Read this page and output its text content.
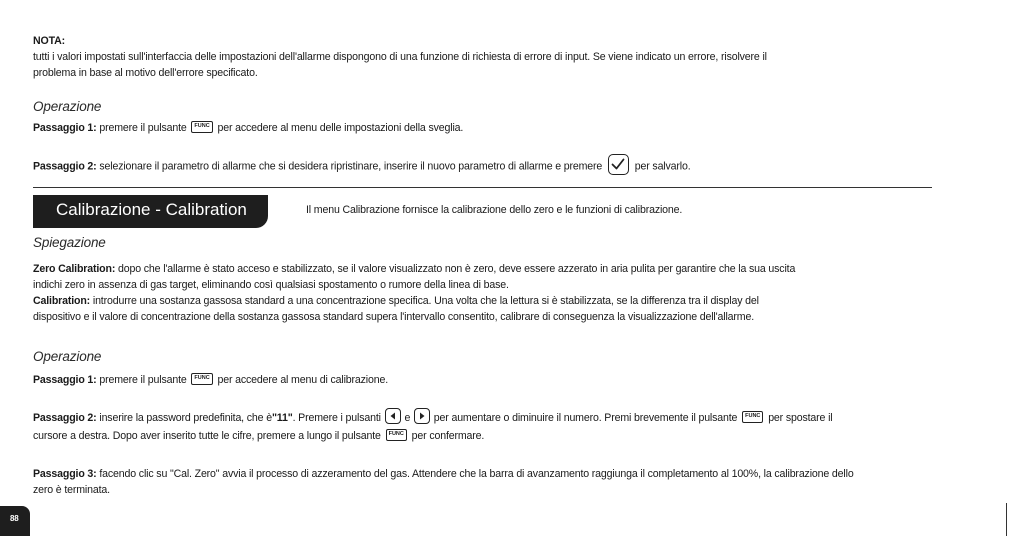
NOTA:
tutti i valori impostati sull'interfaccia delle impostazioni dell'allarme dispongono di una funzione di richiesta di errore di input. Se viene indicato un errore, risolvere il
problema in base al motivo dell'errore specificato.
Operazione
Passaggio 1: premere il pulsante FUNC per accedere al menu delle impostazioni della sveglia.
Passaggio 2: selezionare il parametro di allarme che si desidera ripristinare, inserire il nuovo parametro di allarme e premere	per salvarlo.
Calibrazione - Calibration	Il menu Calibrazione fornisce la calibrazione dello zero e le funzioni di calibrazione.
Spiegazione
Zero Calibration: dopo che l'allarme è stato acceso e stabilizzato, se il valore visualizzato non è zero, deve essere azzerato in aria pulita per garantire che la sua uscita
indichi zero in assenza di gas target, eliminando così qualsiasi spostamento o rumore della linea di base.
Calibration: introdurre una sostanza gassosa standard a una concentrazione specifica. Una volta che la lettura si è stabilizzata, se la differenza tra il display del
dispositivo e il valore di concentrazione della sostanza gassosa standard supera l'intervallo consentito, calibrare di conseguenza la visualizzazione dell'allarme.
Operazione
Passaggio 1: premere il pulsante FUNC per accedere al menu di calibrazione.
Passaggio 2: inserire la password predefinita, che è"11". Premere i pulsanti e per aumentare o diminuire il numero. Premi brevemente il pulsante FUNC per spostare il
cursore a destra. Dopo aver inserito tutte le cifre, premere a lungo il pulsante FUNC per confermare.
Passaggio 3: facendo clic su "Cal. Zero" avvia il processo di azzeramento del gas. Attendere che la barra di avanzamento raggiunga il completamento al 100%, la calibrazione dello
zero è terminata.
88
